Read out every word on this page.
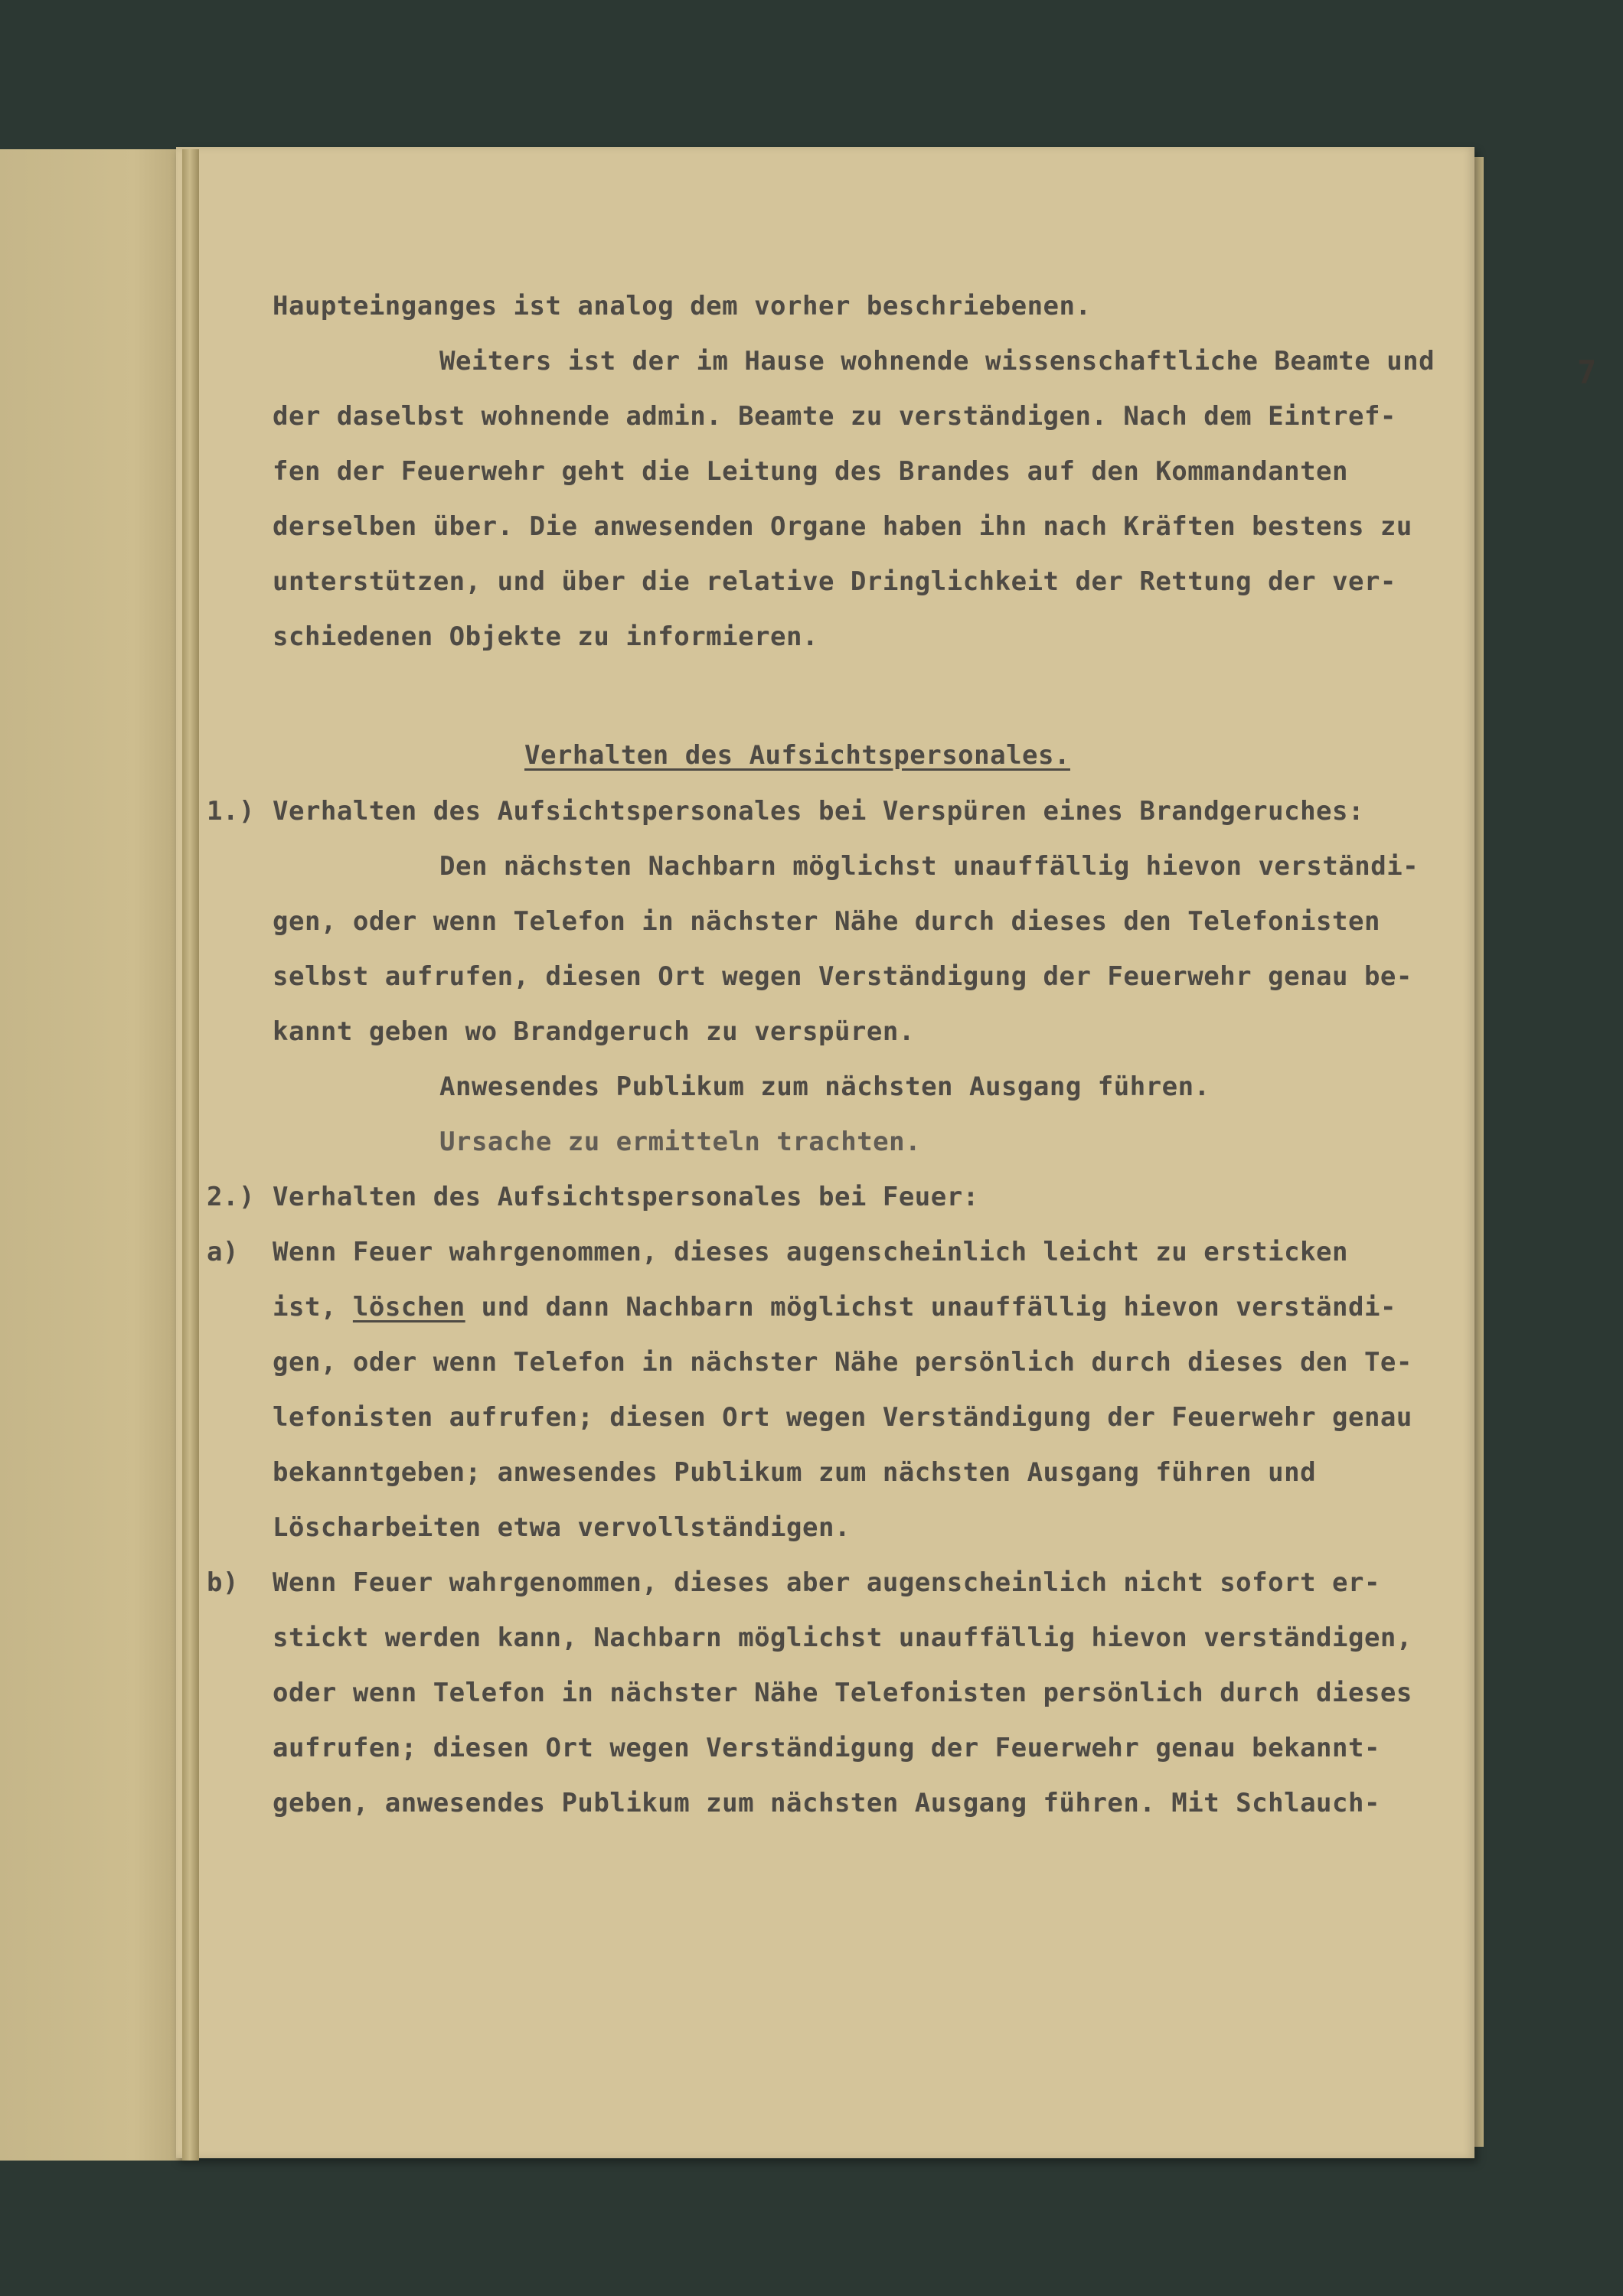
7
Haupteinganges ist analog dem vorher beschriebenen.
Weiters ist der im Hause wohnende wissenschaftliche Beamte und
der daselbst wohnende admin. Beamte zu verständigen. Nach dem Eintref-
fen der Feuerwehr geht die Leitung des Brandes auf den Kommandanten
derselben über. Die anwesenden Organe haben ihn nach Kräften bestens zu
unterstützen, und über die relative Dringlichkeit der Rettung der ver-
schiedenen Objekte zu informieren.
Verhalten des Aufsichtspersonales.
1.) Verhalten des Aufsichtspersonales bei Verspüren eines Brandgeruches:
Den nächsten Nachbarn möglichst unauffällig hievon verständi-
gen, oder wenn Telefon in nächster Nähe durch dieses den Telefonisten
selbst aufrufen, diesen Ort wegen Verständigung der Feuerwehr genau be-
kannt geben wo Brandgeruch zu verspüren.
Anwesendes Publikum zum nächsten Ausgang führen.
Ursache zu ermitteln trachten.
2.) Verhalten des Aufsichtspersonales bei Feuer:
a) Wenn Feuer wahrgenommen, dieses augenscheinlich leicht zu ersticken
ist, löschen und dann Nachbarn möglichst unauffällig hievon verständi-
gen, oder wenn Telefon in nächster Nähe persönlich durch dieses den Te-
lefonisten aufrufen; diesen Ort wegen Verständigung der Feuerwehr genau
bekanntgeben; anwesendes Publikum zum nächsten Ausgang führen und
Löscharbeiten etwa vervollständigen.
b) Wenn Feuer wahrgenommen, dieses aber augenscheinlich nicht sofort er-
stickt werden kann, Nachbarn möglichst unauffällig hievon verständigen,
oder wenn Telefon in nächster Nähe Telefonisten persönlich durch dieses
aufrufen; diesen Ort wegen Verständigung der Feuerwehr genau bekannt-
geben, anwesendes Publikum zum nächsten Ausgang führen. Mit Schlauch-
